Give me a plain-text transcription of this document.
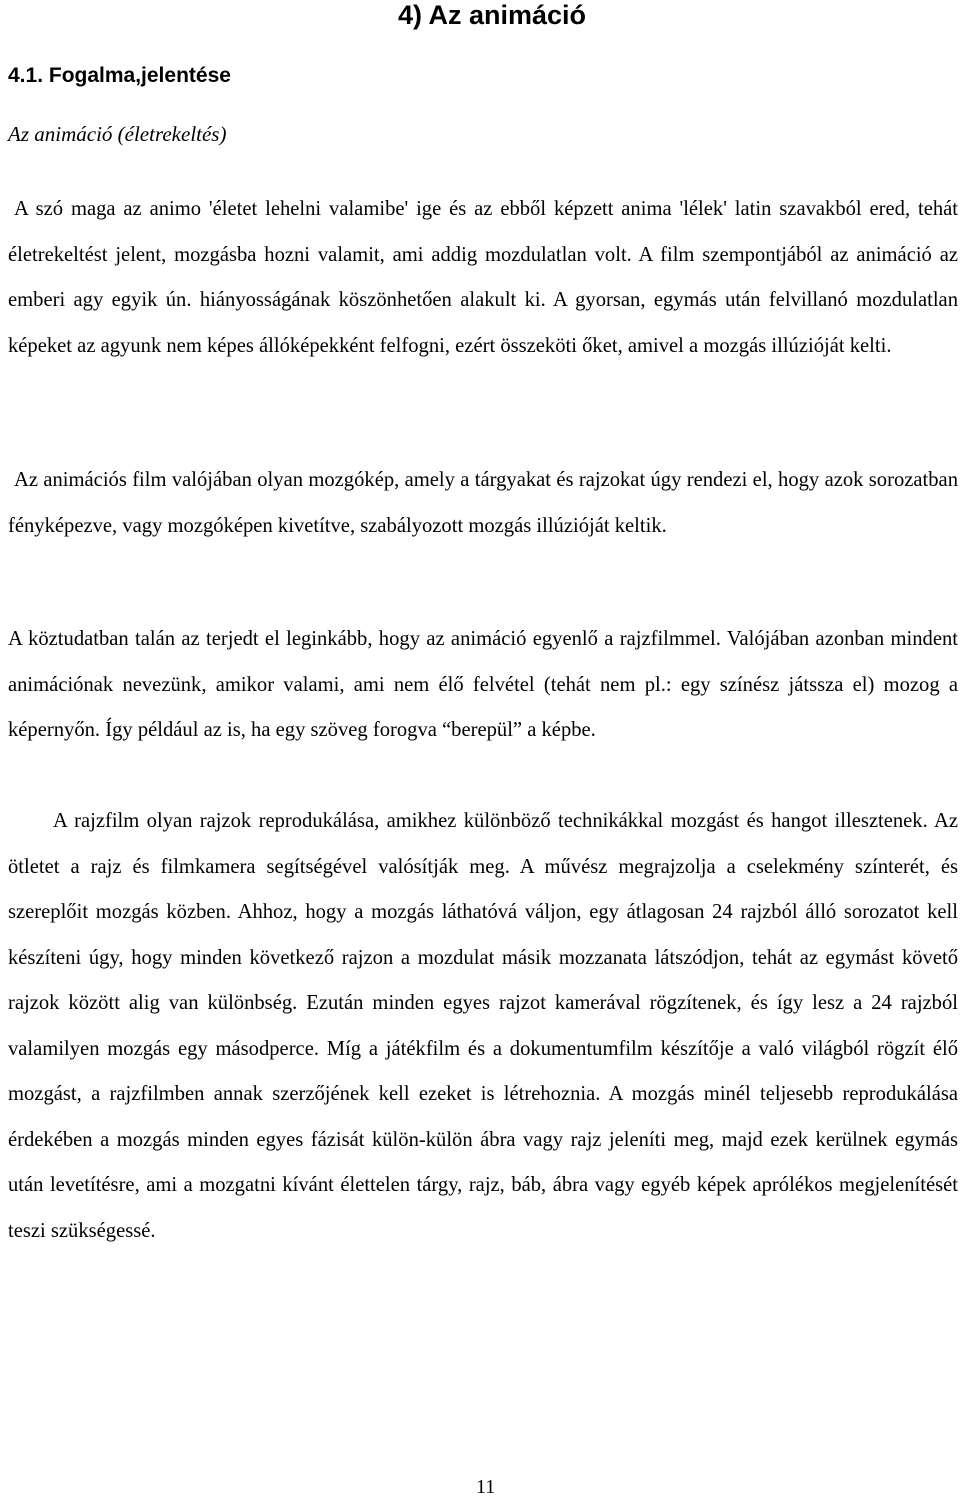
4) Az animáció
4.1. Fogalma,jelentése
Az animáció (életrekeltés)

A szó maga az animo 'életet lehelni valamibe' ige és az ebből képzett anima 'lélek' latin szavakból ered, tehát életrekeltést jelent, mozgásba hozni valamit, ami addig mozdulatlan volt. A film szempontjából az animáció az emberi agy egyik ún. hiányosságának köszönhetően alakult ki. A gyorsan, egymás után felvillanó mozdulatlan képeket az agyunk nem képes állóképekként felfogni, ezért összeköti őket, amivel a mozgás illúzióját kelti.

Az animációs film valójában olyan mozgókép, amely a tárgyakat és rajzokat úgy rendezi el, hogy azok sorozatban fényképezve, vagy mozgóképen kivetítve, szabályozott mozgás illúzióját keltik.

A köztudatban talán az terjedt el leginkább, hogy az animáció egyenlő a rajzfilmmel. Valójában azonban mindent animációnak nevezünk, amikor valami, ami nem élő felvétel (tehát nem pl.: egy színész játssza el) mozog a képernyőn. Így például az is, ha egy szöveg forogva “berepül” a képbe.

A rajzfilm olyan rajzok reprodukálása, amikhez különböző technikákkal mozgást és hangot illesztenek. Az ötletet a rajz és filmkamera segítségével valósítják meg. A művész megrajzolja a cselekmény színterét, és szereplőit mozgás közben. Ahhoz, hogy a mozgás láthatóvá váljon, egy átlagosan 24 rajzból álló sorozatot kell készíteni úgy, hogy minden következő rajzon a mozdulat másik mozzanata látszódjon, tehát az egymást követő rajzok között alig van különbség. Ezután minden egyes rajzot kamerával rögzítenek, és így lesz a 24 rajzból valamilyen mozgás egy másodperce. Míg a játékfilm és a dokumentumfilm készítője a való világból rögzít élő mozgást, a rajzfilmben annak szerzőjének kell ezeket is létrehoznia. A mozgás minél teljesebb reprodukálása érdekében a mozgás minden egyes fázisát külön-külön ábra vagy rajz jeleníti meg, majd ezek kerülnek egymás után levetítésre, ami a mozgatni kívánt élettelen tárgy, rajz, báb, ábra vagy egyéb képek aprólékos megjelenítését teszi szükségessé.

11
